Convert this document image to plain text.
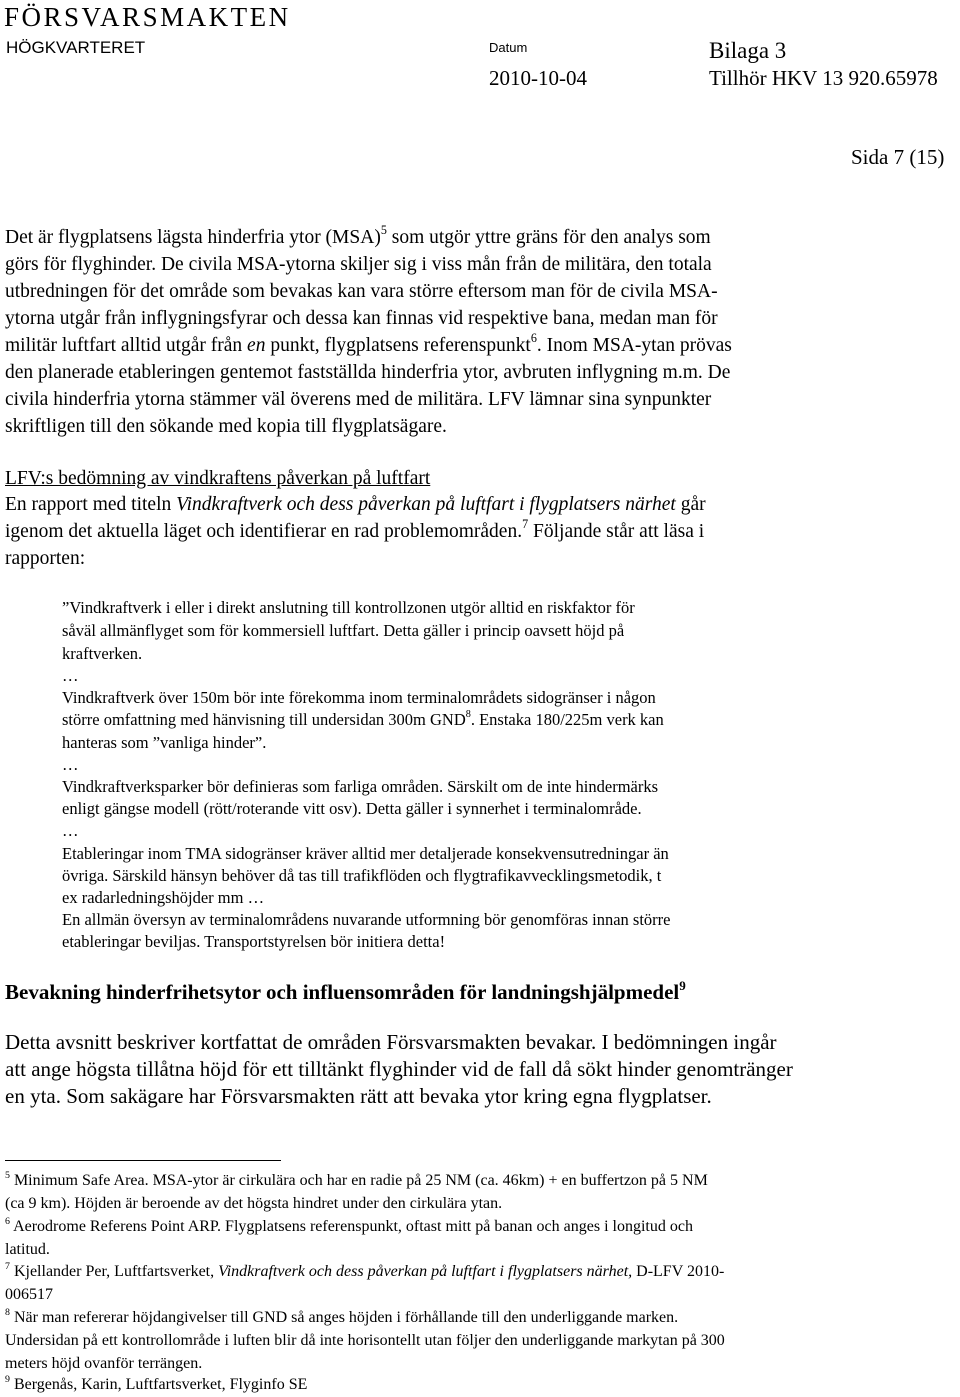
FÖRSVARSMAKTEN
HÖGKVARTERET	Datum
2010-10-04
Bilaga 3
Tillhör HKV 13 920.65978
Sida 7 (15)
Det är flygplatsens lägsta hinderfria ytor (MSA)$^5$ som utgör yttre gräns för den analys som
görs för flyghinder. De civila MSA-ytorna skiljer sig i viss mån från de militära, den totala
utbredningen för det område som bevakas kan vara större eftersom man för de civila MSA-
ytorna utgår från inflygningsfyrar och dessa kan finnas vid respektive bana, medan man för
militär luftfart alltid utgår från en punkt, flygplatsens referenspunkt$^6$. Inom MSA-ytan prövas
den planerade etableringen gentemot fastställda hinderfria ytor, avbruten inflygning m.m. De
civila hinderfria ytorna stämmer väl överens med de militära. LFV lämnar sina synpunkter
skriftligen till den sökande med kopia till flygplatsägare.
LFV:s bedömning av vindkraftens påverkan på luftfart
En rapport med titeln Vindkraftverk och dess påverkan på luftfart i flygplatsers närhet går
igenom det aktuella läget och identifierar en rad problemområden.$^7$ Följande står att läsa i
rapporten:
”Vindkraftverk i eller i direkt anslutning till kontrollzonen utgör alltid en riskfaktor för
såväl allmänflyget som för kommersiell luftfart. Detta gäller i princip oavsett höjd på
kraftverken.
…
Vindkraftverk över 150m bör inte förekomma inom terminalområdets sidogränser i någon
större omfattning med hänvisning till undersidan 300m GND$^8$. Enstaka 180/225m verk kan
hanteras som ”vanliga hinder”.
…
Vindkraftverksparker bör definieras som farliga områden. Särskilt om de inte hindermärks
enligt gängse modell (rött/roterande vitt osv). Detta gäller i synnerhet i terminalområde.
…
Etableringar inom TMA sidogränser kräver alltid mer detaljerade konsekvensutredningar än
övriga. Särskild hänsyn behöver då tas till trafikflöden och flygtrafikavvecklingsmetodik, t
ex radarledningshöjder mm …
En allmän översyn av terminalområdens nuvarande utformning bör genomföras innan större
etableringar beviljas. Transportstyrelsen bör initiera detta!
Bevakning hinderfrihetsytor och influensområden för landningshjälpmedel$^9$
Detta avsnitt beskriver kortfattat de områden Försvarsmakten bevakar. I bedömningen ingår
att ange högsta tillåtna höjd för ett tilltänkt flyghinder vid de fall då sökt hinder genomtränger
en yta. Som sakägare har Försvarsmakten rätt att bevaka ytor kring egna flygplatser.
$^5$ Minimum Safe Area. MSA-ytor är cirkulära och har en radie på 25 NM (ca. 46km) + en buffertzon på 5 NM
(ca 9 km). Höjden är beroende av det högsta hindret under den cirkulära ytan.
$^6$ Aerodrome Referens Point ARP. Flygplatsens referenspunkt, oftast mitt på banan och anges i longitud och
latitud.
$^7$ Kjellander Per, Luftfartsverket, Vindkraftverk och dess påverkan på luftfart i flygplatsers närhet, D-LFV 2010-
006517
$^8$ När man refererar höjdangivelser till GND så anges höjden i förhållande till den underliggande marken.
Undersidan på ett kontrollområde i luften blir då inte horisontellt utan följer den underliggande markytan på 300
meters höjd ovanför terrängen.
$^9$ Bergenås, Karin, Luftfartsverket, Flyginfo SE
